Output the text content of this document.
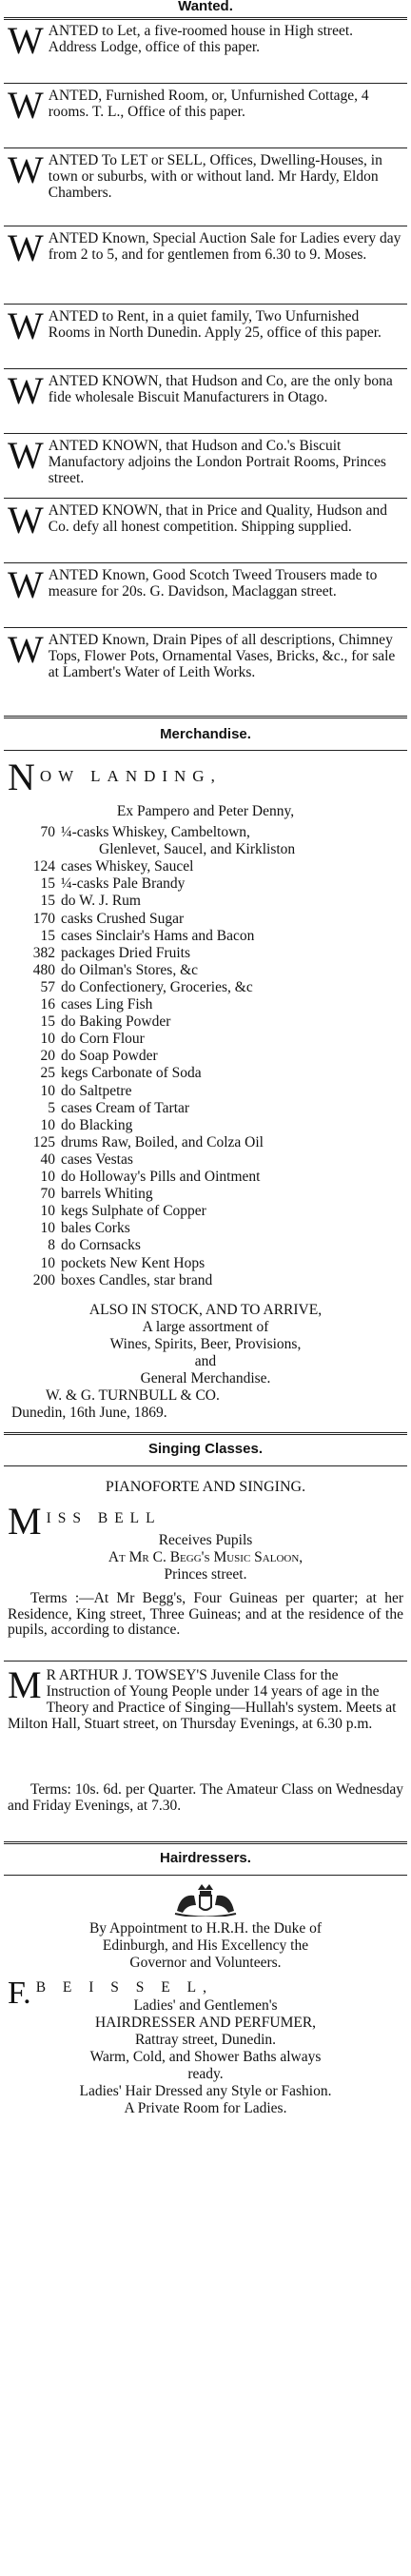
Wanted.
WANTED to Let, a five-roomed house in High street. Address Lodge, office of this paper.
WANTED, Furnished Room, or, Unfurnished Cottage, 4 rooms. T. L., Office of this paper.
WANTED To LET or SELL, Offices, Dwelling-Houses, in town or suburbs, with or without land. Mr Hardy, Eldon Chambers.
WANTED Known, Special Auction Sale for Ladies every day from 2 to 5, and for gentlemen from 6.30 to 9. Moses.
WANTED to Rent, in a quiet family, Two Unfurnished Rooms in North Dunedin. Apply 25, office of this paper.
WANTED KNOWN, that Hudson and Co, are the only bona fide wholesale Biscuit Manufacturers in Otago.
WANTED KNOWN, that Hudson and Co.'s Biscuit Manufactory adjoins the London Portrait Rooms, Princes street.
WANTED KNOWN, that in Price and Quality, Hudson and Co. defy all honest competition. Shipping supplied.
WANTED Known, Good Scotch Tweed Trousers made to measure for 20s. G. Davidson, Maclaggan street.
WANTED Known, Drain Pipes of all descriptions, Chimney Tops, Flower Pots, Ornamental Vases, Bricks, &c., for sale at Lambert's Water of Leith Works.
Merchandise.
NOW LANDING,
Ex Pampero and Peter Denny,
70 ¼-casks Whiskey, Cambeltown,
Glenlevet, Saucel, and Kirkliston
124 cases Whiskey, Saucel
15 ¼-casks Pale Brandy
15 do W. J. Rum
170 casks Crushed Sugar
15 cases Sinclair's Hams and Bacon
382 packages Dried Fruits
480 do Oilman's Stores, &c
57 do Confectionery, Groceries, &c
16 cases Ling Fish
15 do Baking Powder
10 do Corn Flour
20 do Soap Powder
25 kegs Carbonate of Soda
10 do Saltpetre
5 cases Cream of Tartar
10 do Blacking
125 drums Raw, Boiled, and Colza Oil
40 cases Vestas
10 do Holloway's Pills and Ointment
70 barrels Whiting
10 kegs Sulphate of Copper
10 bales Corks
8 do Cornsacks
10 pockets New Kent Hops
200 boxes Candles, star brand
ALSO IN STOCK, AND TO ARRIVE,
A large assortment of
Wines, Spirits, Beer, Provisions,
and
General Merchandise.
W. & G. TURNBULL & CO.
Dunedin, 16th June, 1869.
Singing Classes.
PIANOFORTE AND SINGING.
MISS BELL
Receives Pupils
At Mr C. Begg's Music Saloon,
Princes street.
Terms :—At Mr Begg's, Four Guineas per quarter; at her Residence, King street, Three Guineas; and at the residence of the pupils, according to distance.
M R ARTHUR J. TOWSEY'S Juvenile Class for the Instruction of Young People under 14 years of age in the Theory and Practice of Singing—Hullah's system. Meets at Milton Hall, Stuart street, on Thursday Evenings, at 6.30 p.m.
Terms: 10s. 6d. per Quarter. The Amateur Class on Wednesday and Friday Evenings, at 7.30.
Hairdressers.
By Appointment to H.R.H. the Duke of
Edinburgh, and His Excellency the
Governor and Volunteers.
F. B E I S S E L,
Ladies' and Gentlemen's
HAIRDRESSER AND PERFUMER,
Rattray street, Dunedin.
Warm, Cold, and Shower Baths always
ready.
Ladies' Hair Dressed any Style or Fashion.
A Private Room for Ladies.
